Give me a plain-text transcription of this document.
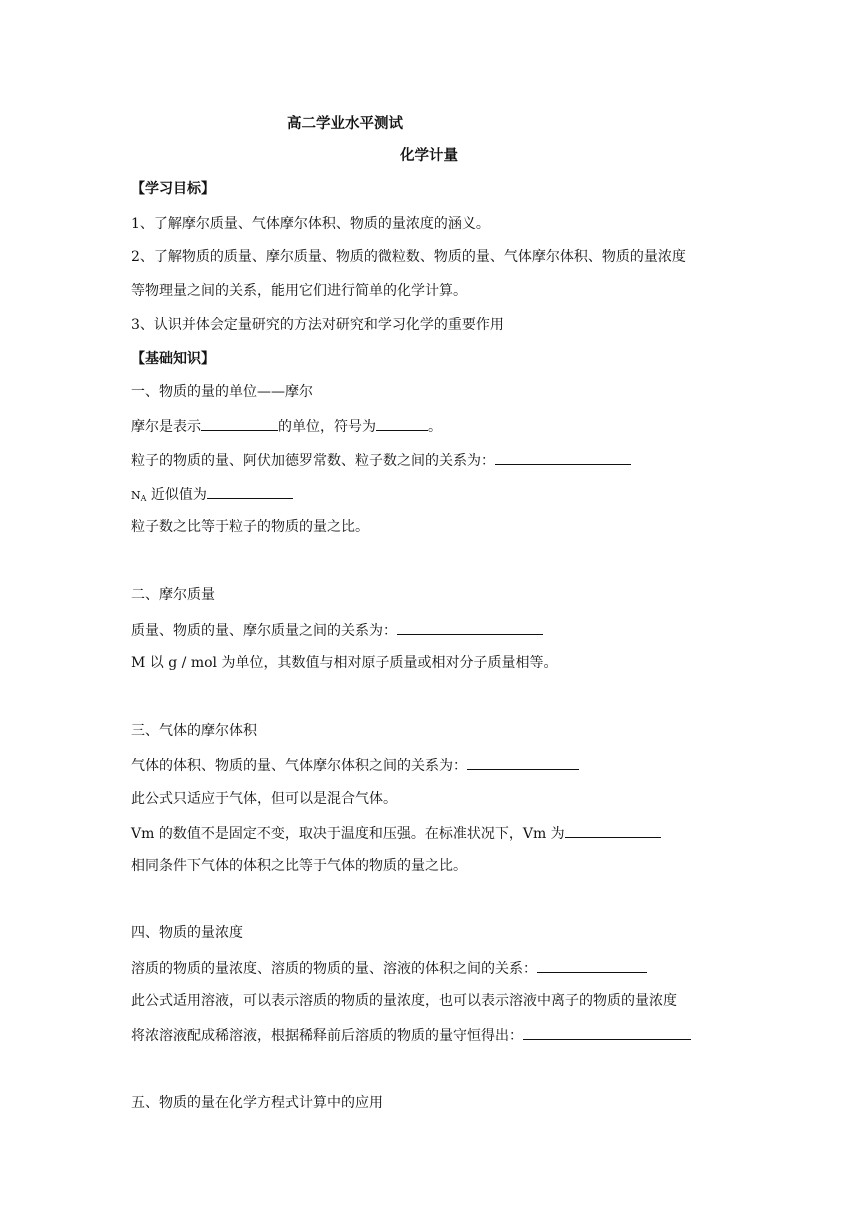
高二学业水平测试
化学计量
【学习目标】
1、了解摩尔质量、气体摩尔体积、物质的量浓度的涵义。
2、了解物质的质量、摩尔质量、物质的微粒数、物质的量、气体摩尔体积、物质的量浓度
等物理量之间的关系，能用它们进行简单的化学计算。
3、认识并体会定量研究的方法对研究和学习化学的重要作用
【基础知识】
一、物质的量的单位——摩尔
摩尔是表示	的单位，符号为	。
粒子的物质的量、阿伏加德罗常数、粒子数之间的关系为：
$N_A$ 近似值为
粒子数之比等于粒子的物质的量之比。
二、摩尔质量
质量、物质的量、摩尔质量之间的关系为：
M 以 g / mol 为单位，其数值与相对原子质量或相对分子质量相等。
三、气体的摩尔体积
气体的体积、物质的量、气体摩尔体积之间的关系为：
此公式只适应于气体，但可以是混合气体。
Vm 的数值不是固定不变，取决于温度和压强。在标准状况下，Vm 为
相同条件下气体的体积之比等于气体的物质的量之比。
四、物质的量浓度
溶质的物质的量浓度、溶质的物质的量、溶液的体积之间的关系：
此公式适用溶液，可以表示溶质的物质的量浓度，也可以表示溶液中离子的物质的量浓度
将浓溶液配成稀溶液，根据稀释前后溶质的物质的量守恒得出：
五、物质的量在化学方程式计算中的应用
